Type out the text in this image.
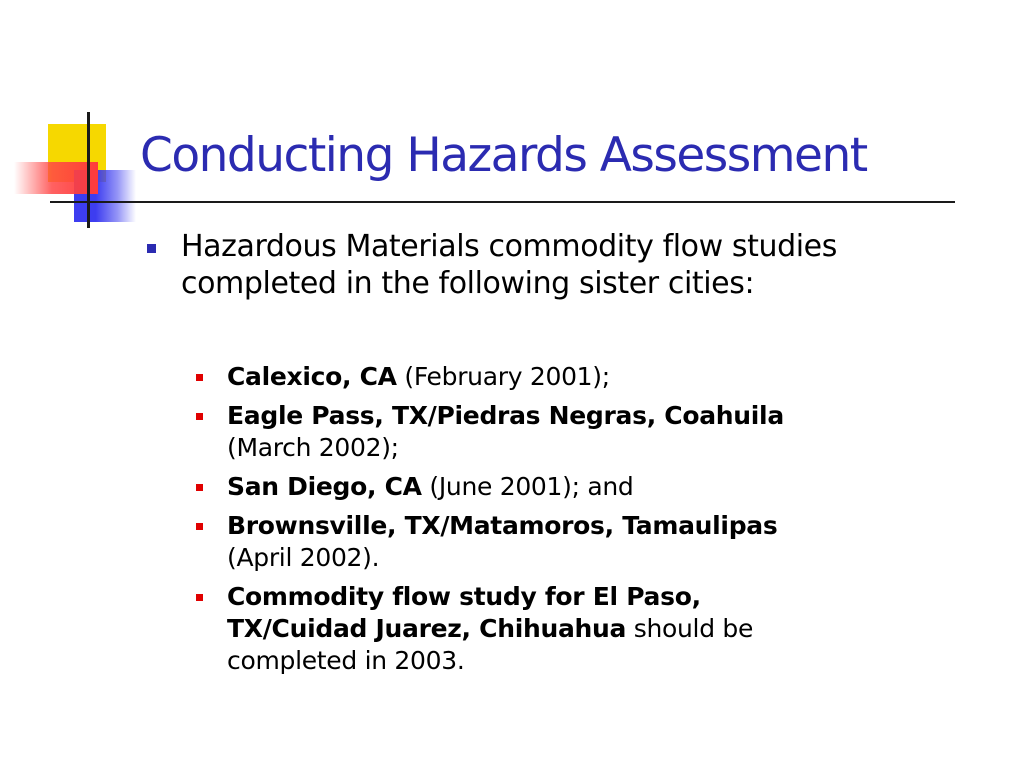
Conducting Hazards Assessment
Hazardous Materials commodity flow studies
completed in the following sister cities:
Calexico, CA (February 2001);
Eagle Pass, TX/Piedras Negras, Coahuila
(March 2002);
San Diego, CA (June 2001); and
Brownsville, TX/Matamoros, Tamaulipas
(April 2002).
Commodity flow study for El Paso,
TX/Cuidad Juarez, Chihuahua should be
completed in 2003.
